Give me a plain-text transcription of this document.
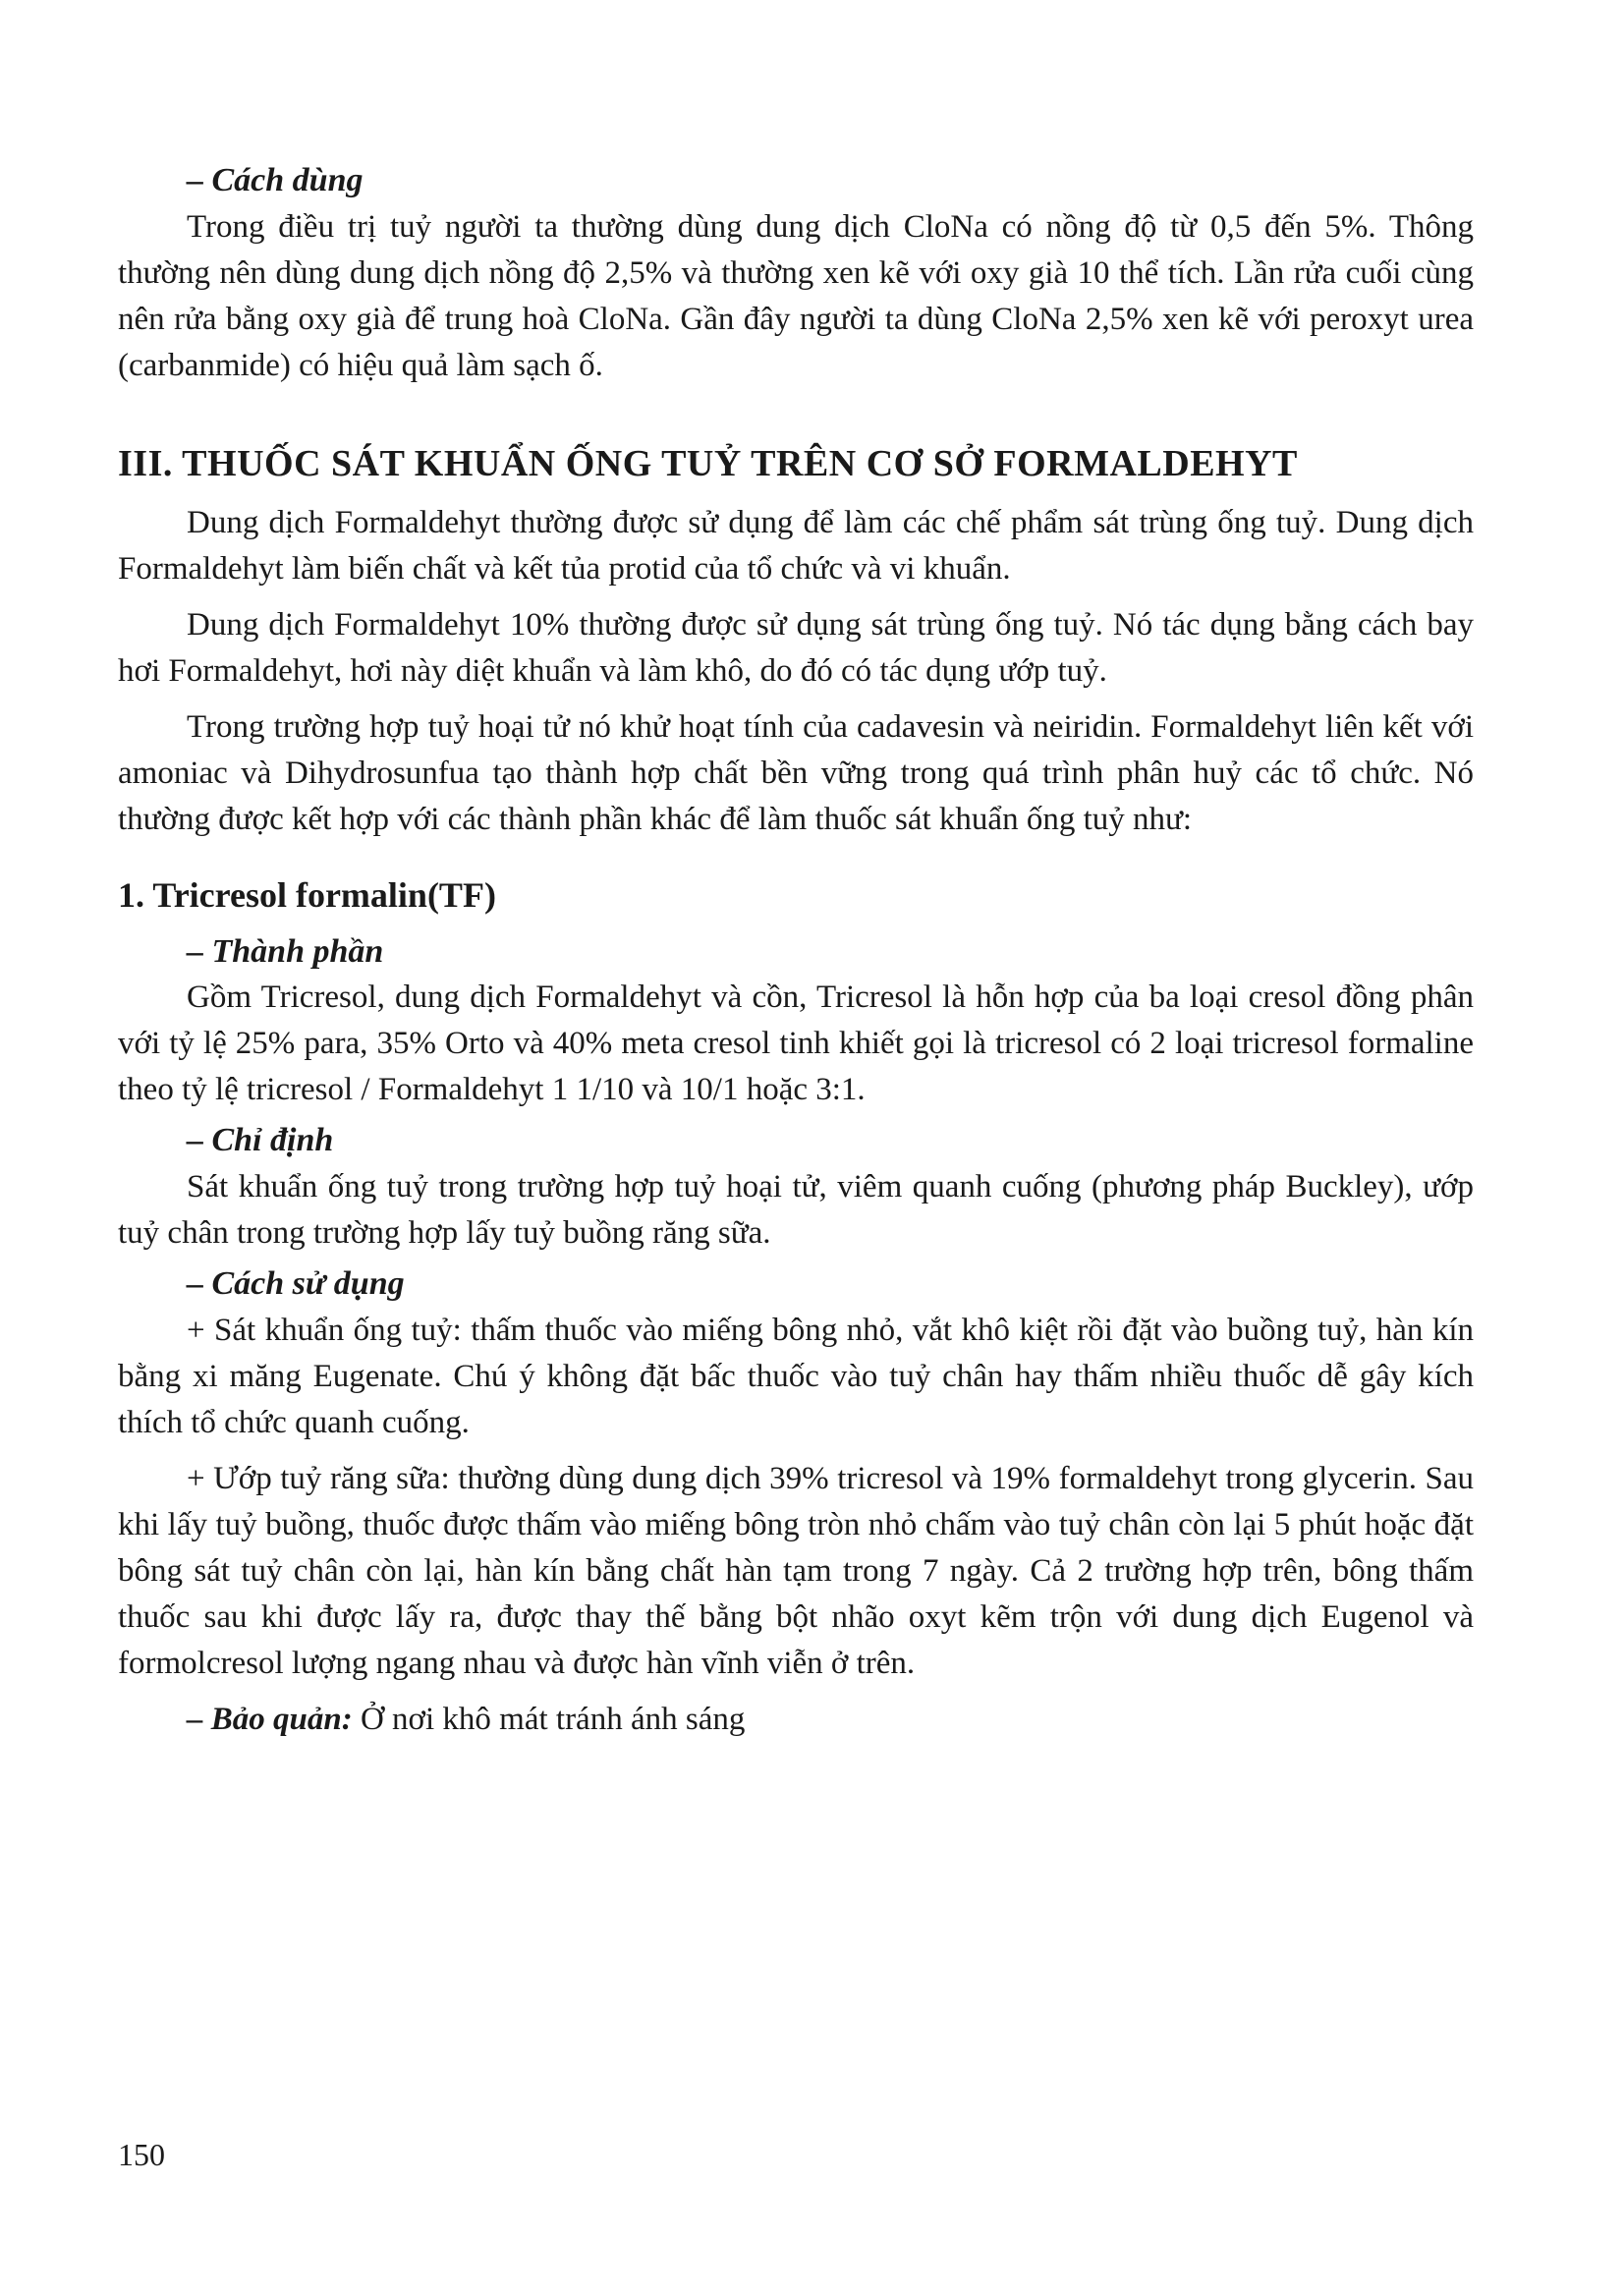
– Cách dùng

Trong điều trị tuỷ người ta thường dùng dung dịch CloNa có nồng độ từ 0,5 đến 5%. Thông thường nên dùng dung dịch nồng độ 2,5% và thường xen kẽ với oxy già 10 thể tích. Lần rửa cuối cùng nên rửa bằng oxy già để trung hoà CloNa. Gần đây người ta dùng CloNa 2,5% xen kẽ với peroxyt urea (carbanmide) có hiệu quả làm sạch ố.

III. THUỐC SÁT KHUẨN ỐNG TUỶ TRÊN CƠ SỞ FORMALDEHYT

Dung dịch Formaldehyt thường được sử dụng để làm các chế phẩm sát trùng ống tuỷ. Dung dịch Formaldehyt làm biến chất và kết tủa protid của tổ chức và vi khuẩn.

Dung dịch Formaldehyt 10% thường được sử dụng sát trùng ống tuỷ. Nó tác dụng bằng cách bay hơi Formaldehyt, hơi này diệt khuẩn và làm khô, do đó có tác dụng ướp tuỷ.

Trong trường hợp tuỷ hoại tử nó khử hoạt tính của cadavesin và neiridin. Formaldehyt liên kết với amoniac và Dihydrosunfua tạo thành hợp chất bền vững trong quá trình phân huỷ các tổ chức. Nó thường được kết hợp với các thành phần khác để làm thuốc sát khuẩn ống tuỷ như:

1. Tricresol formalin(TF)
– Thành phần

Gồm Tricresol, dung dịch Formaldehyt và cồn, Tricresol là hỗn hợp của ba loại cresol đồng phân với tỷ lệ 25% para, 35% Orto và 40% meta cresol tinh khiết gọi là tricresol có 2 loại tricresol formaline theo tỷ lệ tricresol / Formaldehyt 1 1/10 và 10/1 hoặc 3:1.

– Chỉ định

Sát khuẩn ống tuỷ trong trường hợp tuỷ hoại tử, viêm quanh cuống (phương pháp Buckley), ướp tuỷ chân trong trường hợp lấy tuỷ buồng răng sữa.

– Cách sử dụng

+ Sát khuẩn ống tuỷ: thấm thuốc vào miếng bông nhỏ, vắt khô kiệt rồi đặt vào buồng tuỷ, hàn kín bằng xi măng Eugenate. Chú ý không đặt bấc thuốc vào tuỷ chân hay thấm nhiều thuốc dễ gây kích thích tổ chức quanh cuống.

+ Ướp tuỷ răng sữa: thường dùng dung dịch 39% tricresol và 19% formaldehyt trong glycerin. Sau khi lấy tuỷ buồng, thuốc được thấm vào miếng bông tròn nhỏ chấm vào tuỷ chân còn lại 5 phút hoặc đặt bông sát tuỷ chân còn lại, hàn kín bằng chất hàn tạm trong 7 ngày. Cả 2 trường hợp trên, bông thấm thuốc sau khi được lấy ra, được thay thế bằng bột nhão oxyt kẽm trộn với dung dịch Eugenol và formolcresol lượng ngang nhau và được hàn vĩnh viễn ở trên.

– Bảo quản: Ở nơi khô mát tránh ánh sáng

150
